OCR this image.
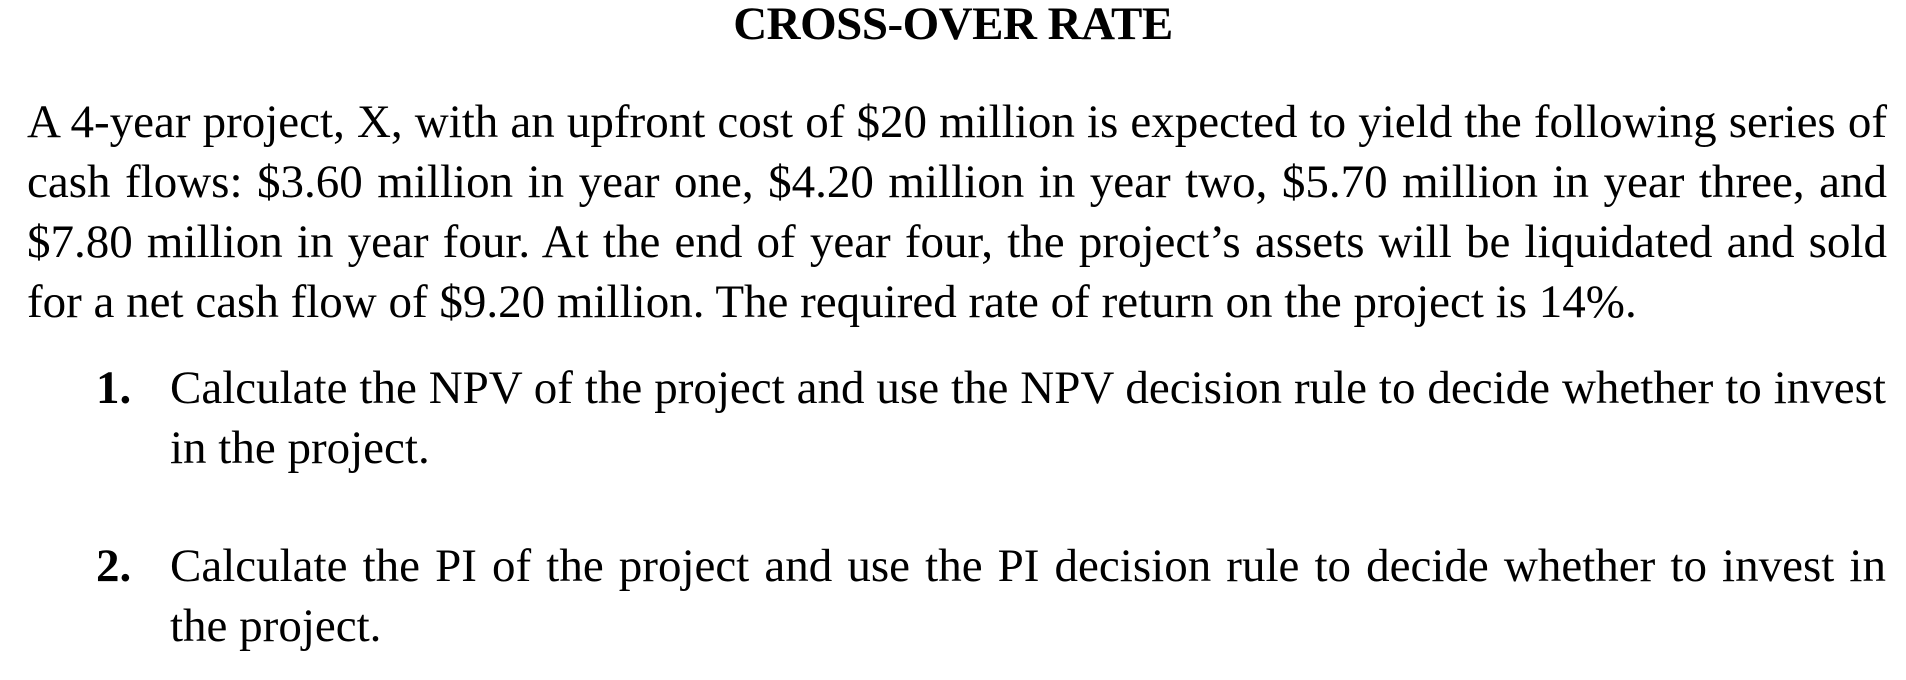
CROSS-OVER RATE

A 4-year project, X, with an upfront cost of $20 million is expected to yield the following series of cash flows: $3.60 million in year one, $4.20 million in year two, $5.70 million in year three, and $7.80 million in year four. At the end of year four, the project’s assets will be liquidated and sold for a net cash flow of $9.20 million. The required rate of return on the project is 14%.

1. Calculate the NPV of the project and use the NPV decision rule to decide whether to invest in the project.
2. Calculate the PI of the project and use the PI decision rule to decide whether to invest in the project.
